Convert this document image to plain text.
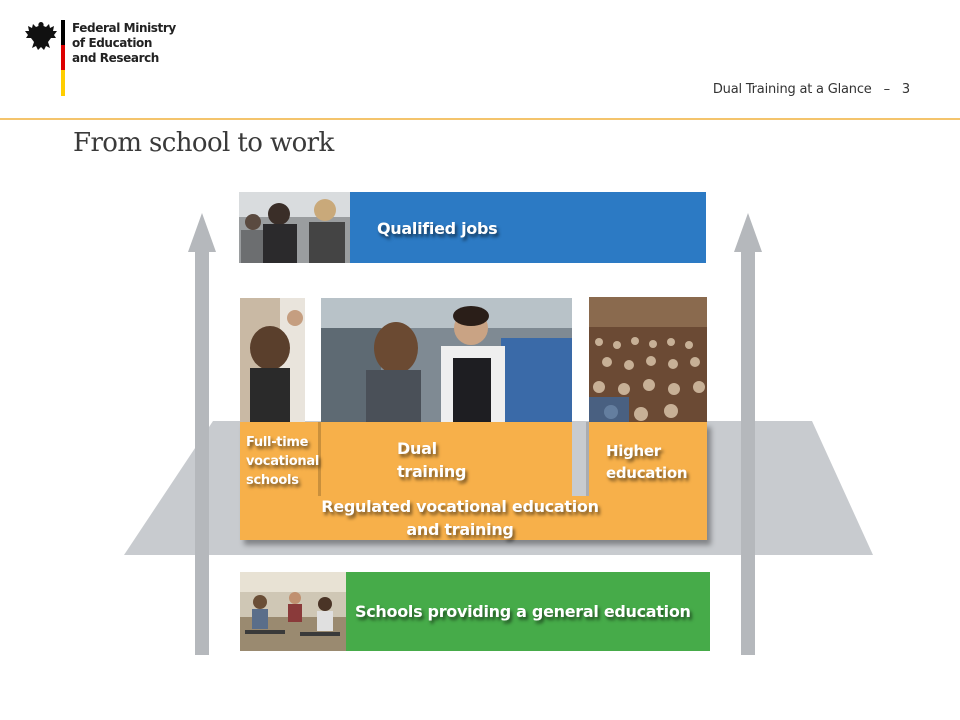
Federal Ministry
of Education
and Research
Dual Training at a Glance – 3
From school to work
Qualified jobs
Full-time
vocational
schools
Dual
training
Higher
education
Regulated vocational education
and training
Schools providing a general education
